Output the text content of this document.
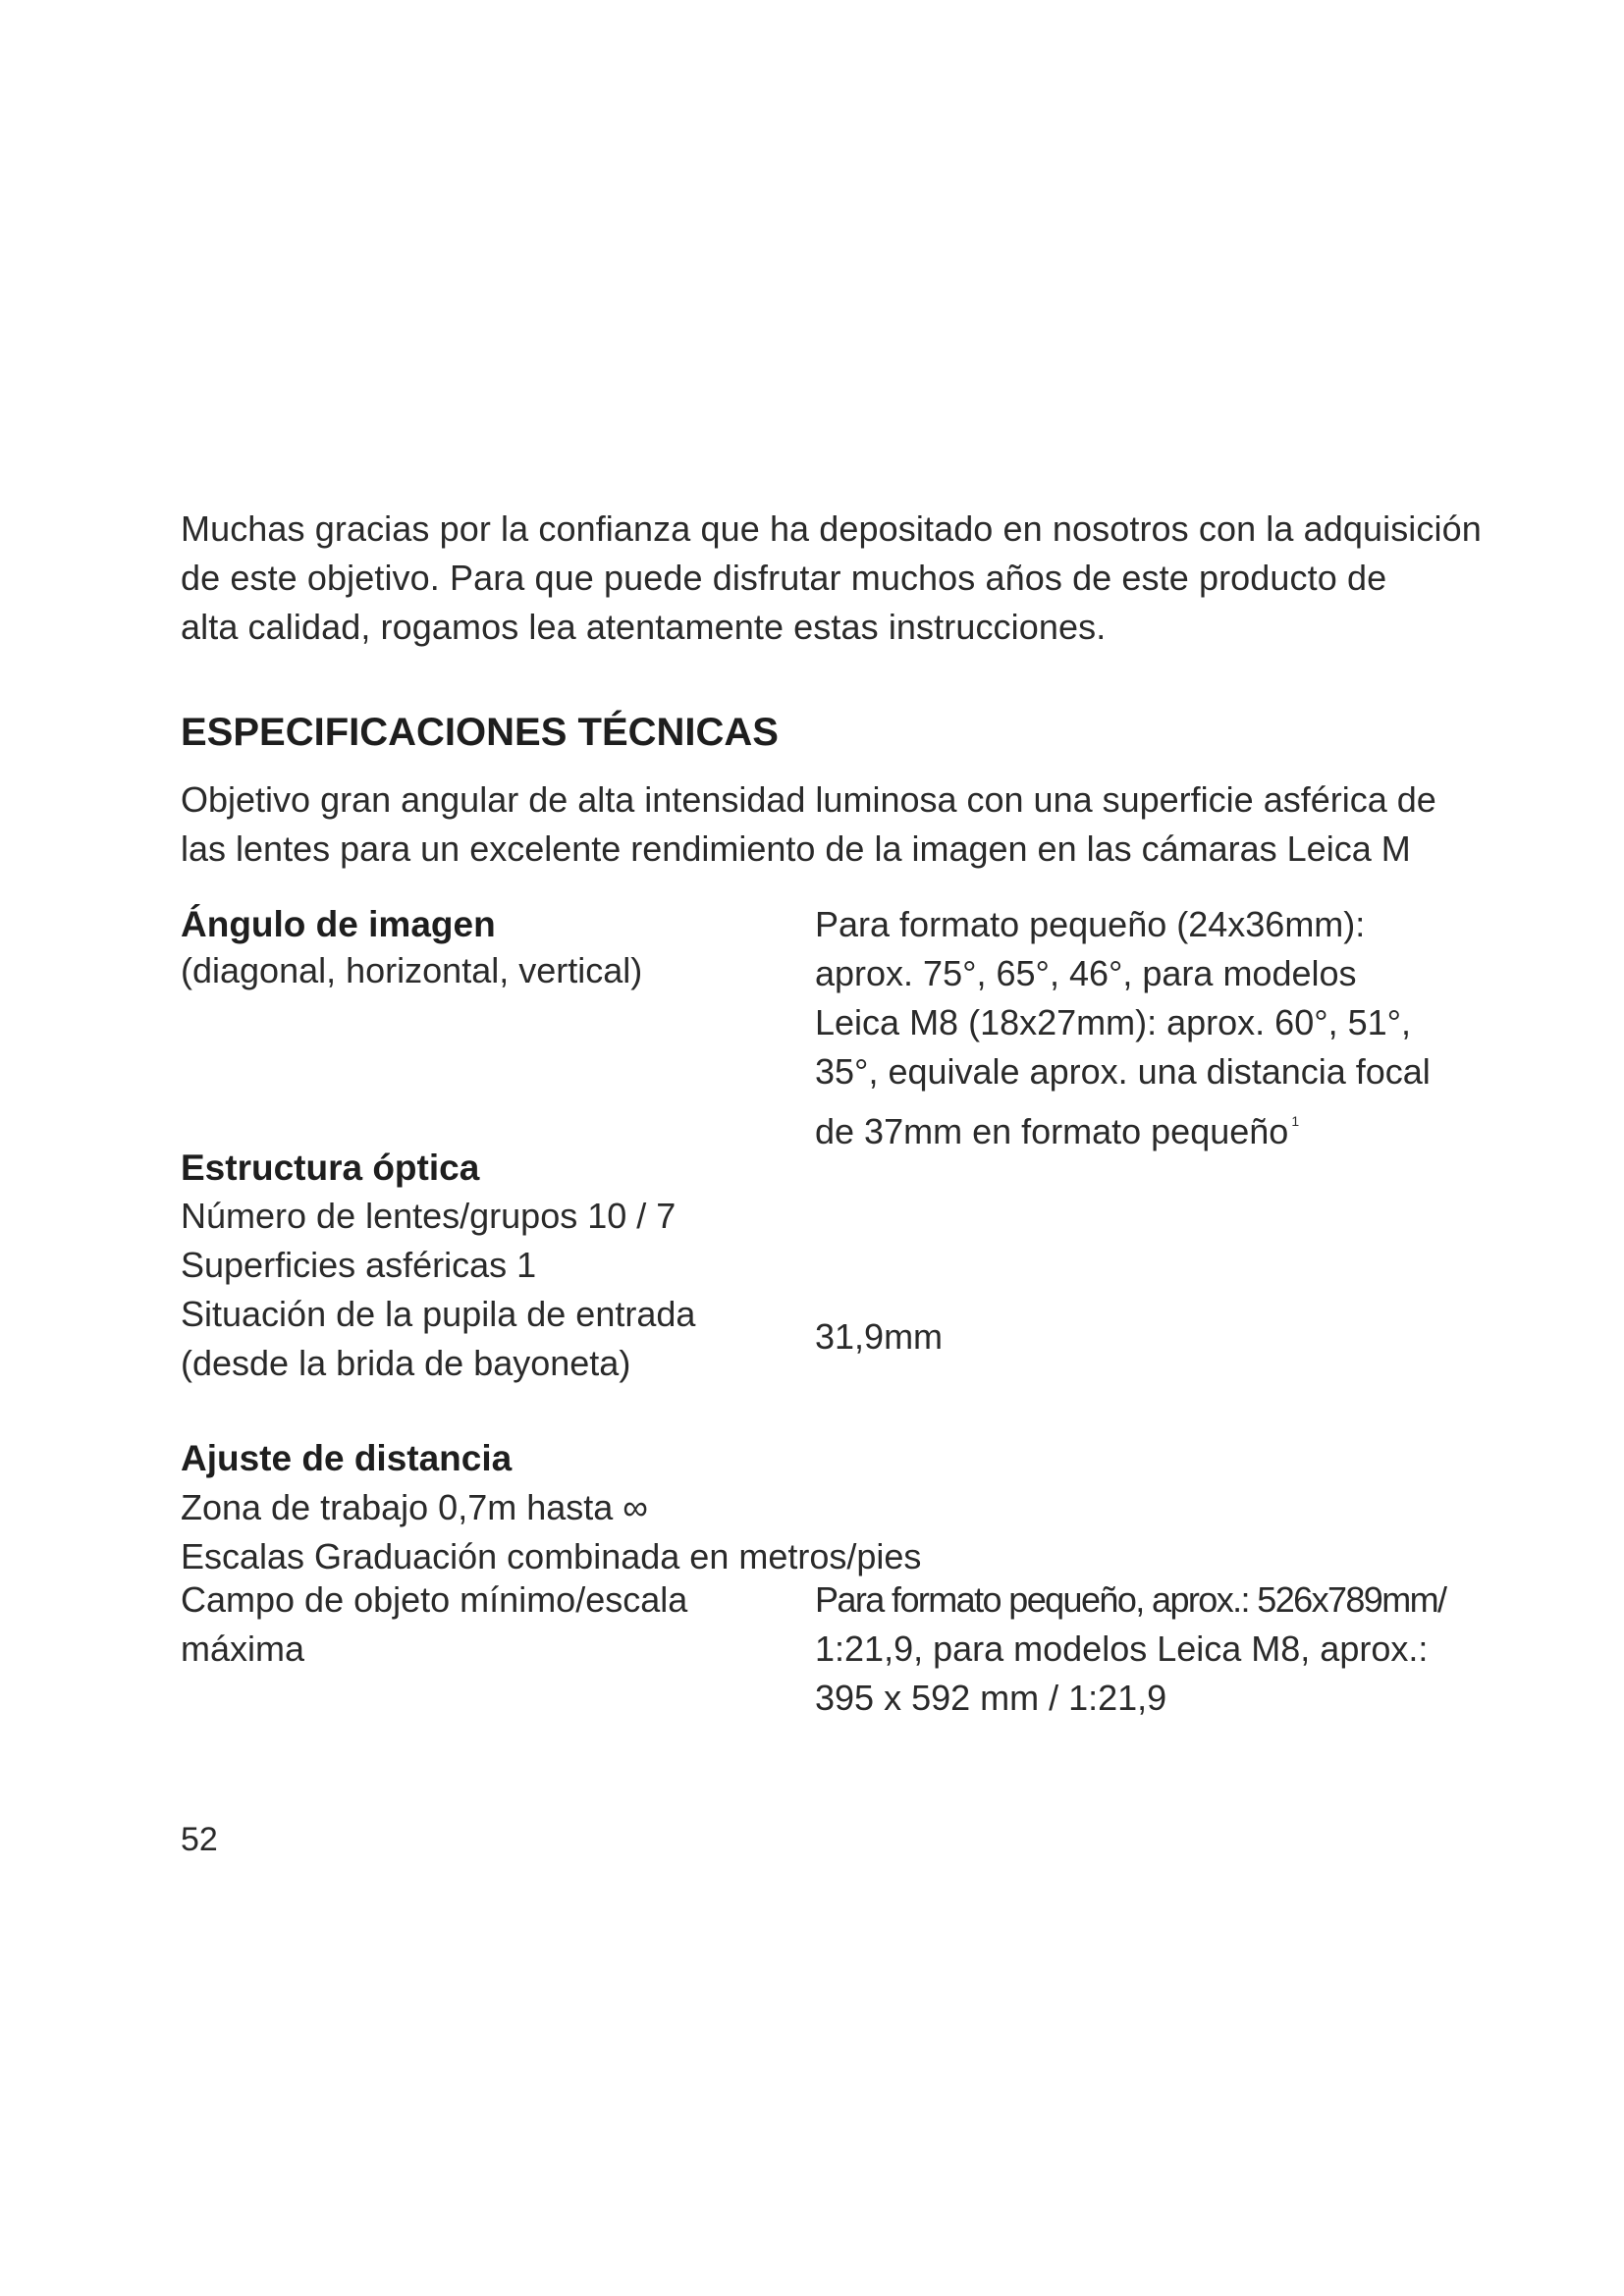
Muchas gracias por la confianza que ha depositado en nosotros con la adquisición

de este objetivo. Para que puede disfrutar muchos años de este producto de

alta calidad, rogamos lea atentamente estas instrucciones.

ESPECIFICACIONES TÉCNICAS

Objetivo gran angular de alta intensidad luminosa con una superficie asférica de

las lentes para un excelente rendimiento de la imagen en las cámaras Leica M

Ángulo de imagen
(diagonal, horizontal, vertical)
Para formato pequeño (24x36mm):
aprox. 75°, 65°, 46°, para modelos
Leica M8 (18x27mm): aprox. 60°, 51°,
35°, equivale aprox. una distancia focal
de 37mm en formato pequeño $^1$
Estructura óptica
Número de lentes/grupos 10 / 7
Superficies asféricas 1
Situación de la pupila de entrada
(desde la brida de bayoneta)
31,9mm
Ajuste de distancia
Zona de trabajo 0,7m hasta ∞
Escalas Graduación combinada en metros/pies
Campo de objeto mínimo/escala
máxima
Para formato pequeño, aprox.: 526x789mm/
1:21,9, para modelos Leica M8, aprox.:
395 x 592 mm / 1:21,9
52
